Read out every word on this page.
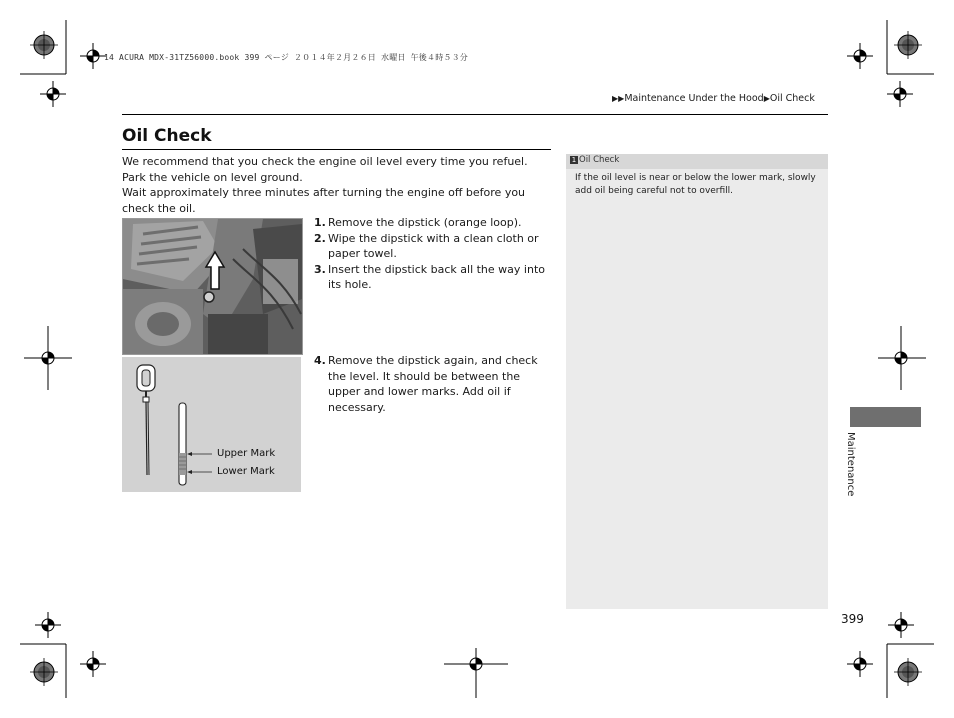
14 ACURA MDX-31TZ56000.book 399 ページ ２０１４年２月２６日 水曜日 午後４時５３分
▶▶Maintenance Under the Hood▶Oil Check
Oil Check

We recommend that you check the engine oil level every time you refuel.

Park the vehicle on level ground.

Wait approximately three minutes after turning the engine off before you check the oil.

1. Remove the dipstick (orange loop).
2. Wipe the dipstick with a clean cloth or paper towel.
3. Insert the dipstick back all the way into its hole.
Upper Mark
Lower Mark
4. Remove the dipstick again, and check the level. It should be between the upper and lower marks. Add oil if necessary.
1 Oil Check
If the oil level is near or below the lower mark, slowly add oil being careful not to overfill.
Maintenance
399
